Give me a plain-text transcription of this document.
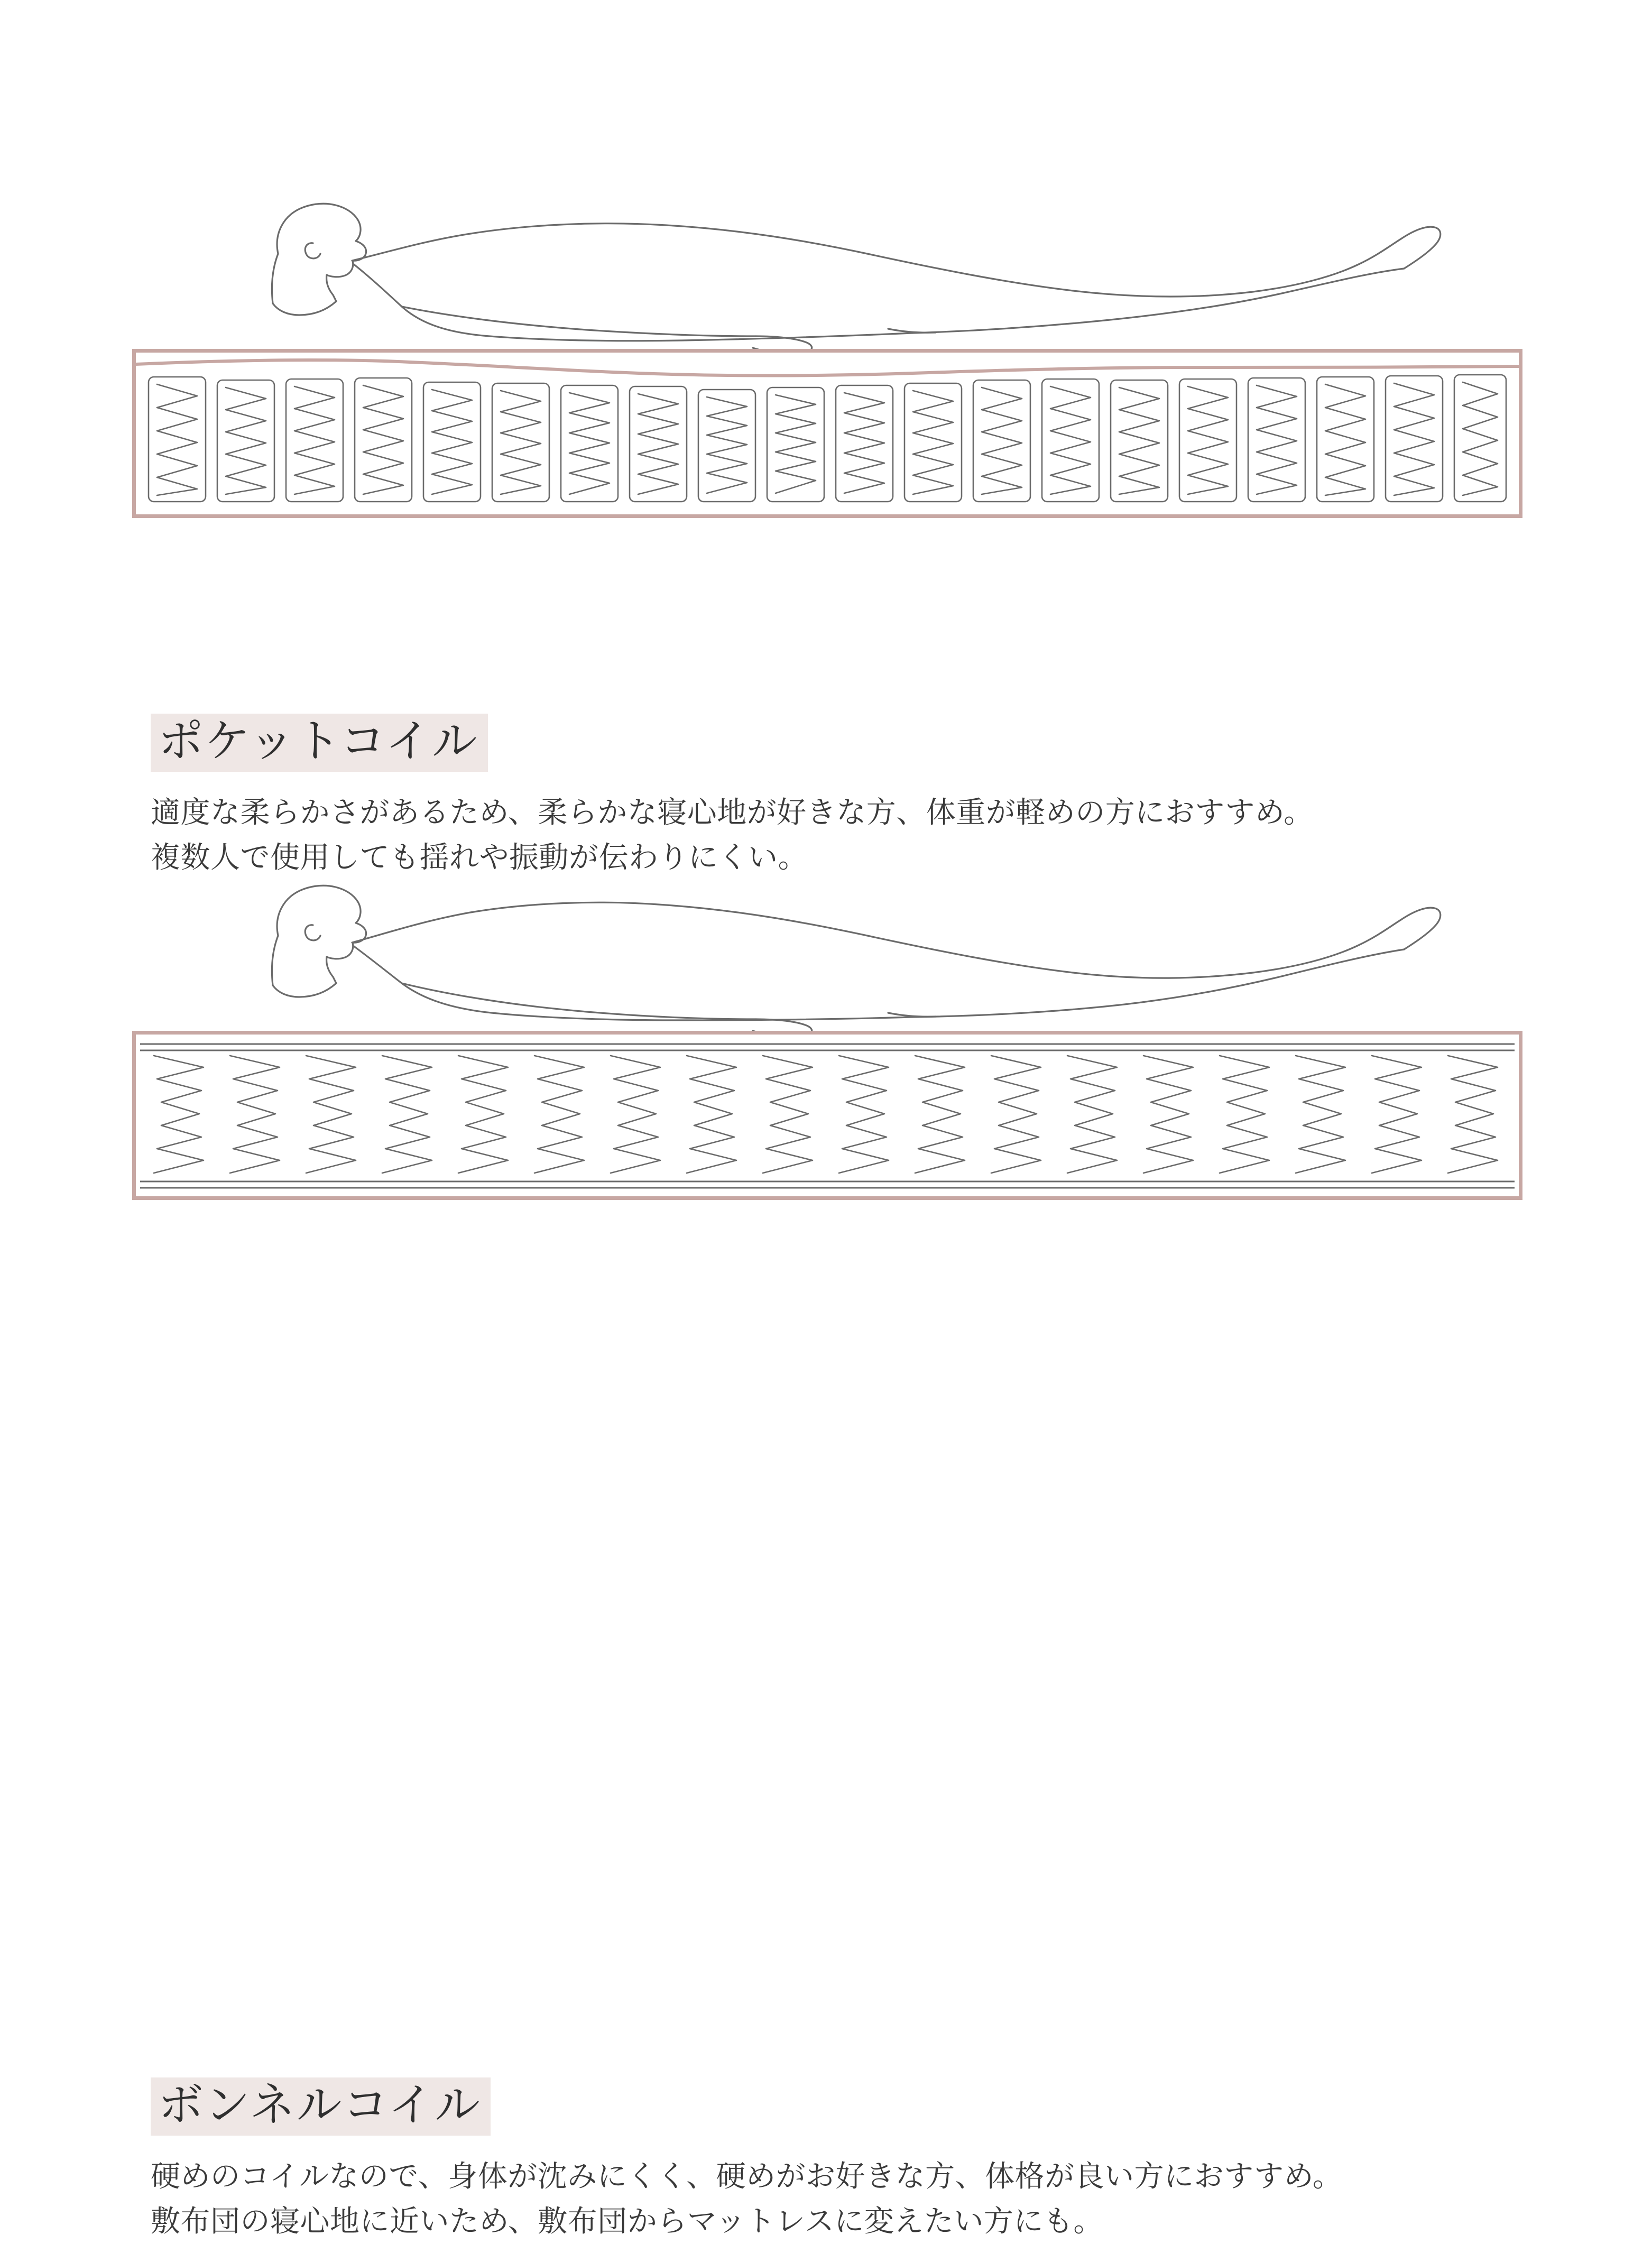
ポケットコイル

適度な柔らかさがあるため、柔らかな寝心地が好きな方、体重が軽めの方におすすめ。
複数人で使用しても揺れや振動が伝わりにくい。

ボンネルコイル

硬めのコイルなので、身体が沈みにくく、硬めがお好きな方、体格が良い方におすすめ。
敷布団の寝心地に近いため、敷布団からマットレスに変えたい方にも。
